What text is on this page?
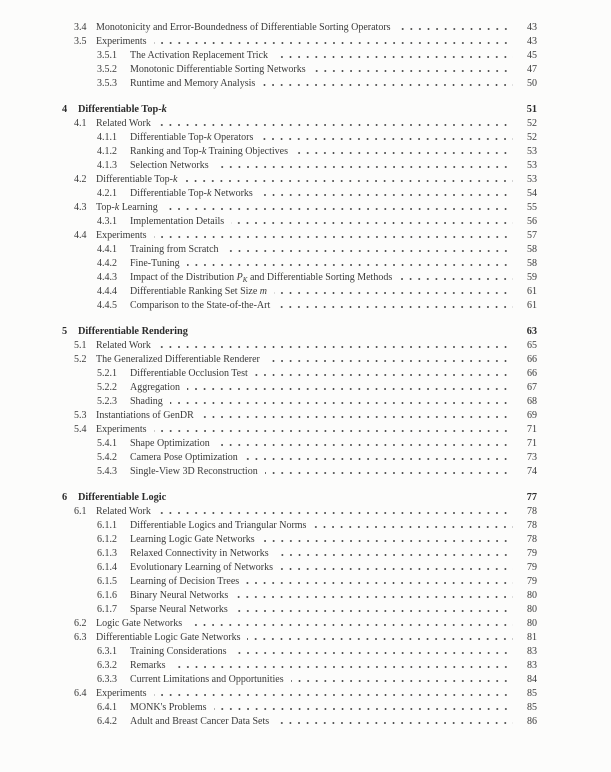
3.4 Monotonicity and Error-Boundedness of Differentiable Sorting Operators	43
3.5 Experiments	43
3.5.1	The Activation Replacement Trick	45
3.5.2	Monotonic Differentiable Sorting Networks	47
3.5.3	Runtime and Memory Analysis	50
4	Differentiable Top-k	51
4.1 Related Work	52
4.1.1	Differentiable Top-k Operators	52
4.1.2	Ranking and Top-k Training Objectives	53
4.1.3	Selection Networks	53
4.2 Differentiable Top-k	53
4.2.1	Differentiable Top-k Networks	54
4.3 Top-k Learning	55
4.3.1	Implementation Details	56
4.4 Experiments	57
4.4.1	Training from Scratch	58
4.4.2	Fine-Tuning	58
4.4.3	Impact of the Distribution $P_K$ and Differentiable Sorting Methods	59
4.4.4	Differentiable Ranking Set Size m	61
4.4.5	Comparison to the State-of-the-Art	61
5	Differentiable Rendering	63
5.1 Related Work	65
5.2 The Generalized Differentiable Renderer	66
5.2.1	Differentiable Occlusion Test	66
5.2.2	Aggregation	67
5.2.3	Shading	68
5.3 Instantiations of GenDR	69
5.4 Experiments	71
5.4.1	Shape Optimization	71
5.4.2	Camera Pose Optimization	73
5.4.3	Single-View 3D Reconstruction	74
6	Differentiable Logic	77
6.1 Related Work	78
6.1.1	Differentiable Logics and Triangular Norms	78
6.1.2	Learning Logic Gate Networks	78
6.1.3	Relaxed Connectivity in Networks	79
6.1.4	Evolutionary Learning of Networks	79
6.1.5	Learning of Decision Trees	79
6.1.6	Binary Neural Networks	80
6.1.7	Sparse Neural Networks	80
6.2 Logic Gate Networks	80
6.3 Differentiable Logic Gate Networks	81
6.3.1	Training Considerations	83
6.3.2	Remarks	83
6.3.3	Current Limitations and Opportunities	84
6.4 Experiments	85
6.4.1	MONK's Problems	85
6.4.2	Adult and Breast Cancer Data Sets	86
